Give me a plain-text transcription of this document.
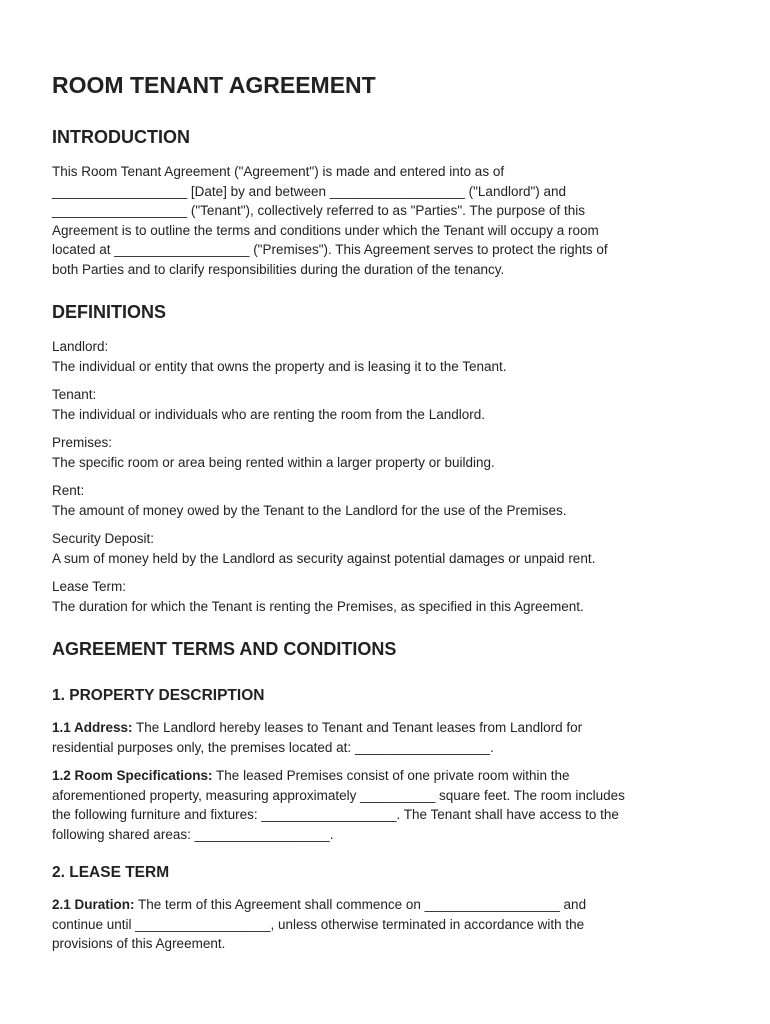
ROOM TENANT AGREEMENT
INTRODUCTION

This Room Tenant Agreement ("Agreement") is made and entered into as of
__________________ [Date] by and between __________________ ("Landlord") and
__________________ ("Tenant"), collectively referred to as "Parties". The purpose of this
Agreement is to outline the terms and conditions under which the Tenant will occupy a room
located at __________________ ("Premises"). This Agreement serves to protect the rights of
both Parties and to clarify responsibilities during the duration of the tenancy.

DEFINITIONS

Landlord:

The individual or entity that owns the property and is leasing it to the Tenant.

Tenant:

The individual or individuals who are renting the room from the Landlord.

Premises:

The specific room or area being rented within a larger property or building.

Rent:

The amount of money owed by the Tenant to the Landlord for the use of the Premises.

Security Deposit:

A sum of money held by the Landlord as security against potential damages or unpaid rent.

Lease Term:

The duration for which the Tenant is renting the Premises, as specified in this Agreement.

AGREEMENT TERMS AND CONDITIONS
1. PROPERTY DESCRIPTION

1.1 Address: The Landlord hereby leases to Tenant and Tenant leases from Landlord for
residential purposes only, the premises located at: __________________.

1.2 Room Specifications: The leased Premises consist of one private room within the
aforementioned property, measuring approximately __________ square feet. The room includes
the following furniture and fixtures: __________________. The Tenant shall have access to the
following shared areas: __________________.

2. LEASE TERM

2.1 Duration: The term of this Agreement shall commence on __________________ and
continue until __________________, unless otherwise terminated in accordance with the
provisions of this Agreement.
